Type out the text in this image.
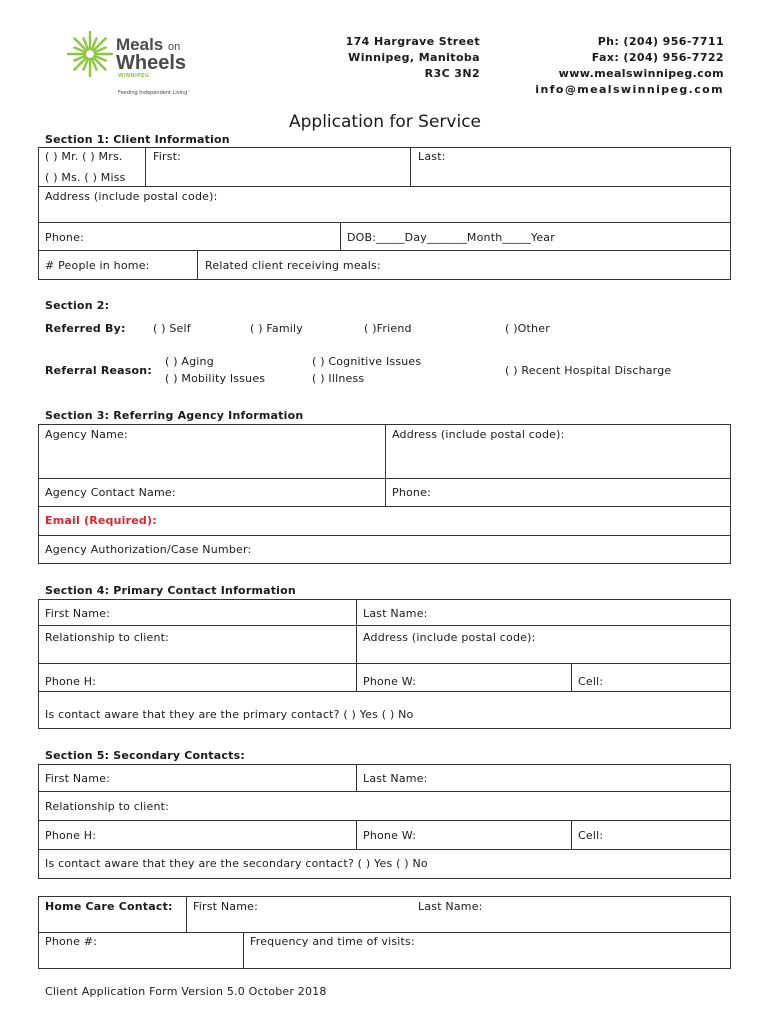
Meals on
Wheels
WINNIPEG
Feeding Independent Living™
174 Hargrave Street
Winnipeg, Manitoba
R3C 3N2
Ph: (204) 956-7711
Fax: (204) 956-7722
www.mealswinnipeg.com
info@mealswinnipeg.com
Application for Service
Section 1: Client Information
( ) Mr. ( ) Mrs.
( ) Ms. ( ) Miss
First:	Last:
Address (include postal code):
Phone:	DOB:_____Day_______Month_____Year
# People in home:	Related client receiving meals:
Section 2:
Referred By: ( ) Self	( ) Family	( )Friend	( )Other
Referral Reason:
( ) Aging
( ) Mobility Issues
( ) Cognitive Issues
( ) Illness
( ) Recent Hospital Discharge
Section 3: Referring Agency Information
Agency Name:	Address (include postal code):
Agency Contact Name:	Phone:
Email (Required):
Agency Authorization/Case Number:
Section 4: Primary Contact Information
First Name:	Last Name:
Relationship to client:	Address (include postal code):
Phone H:	Phone W:	Cell:
Is contact aware that they are the primary contact? ( ) Yes ( ) No
Section 5: Secondary Contacts:
First Name:	Last Name:
Relationship to client:
Phone H:	Phone W:	Cell:
Is contact aware that they are the secondary contact? ( ) Yes ( ) No
Home Care Contact: First Name:	Last Name:
Phone #:	Frequency and time of visits:
Client Application Form Version 5.0 October 2018
